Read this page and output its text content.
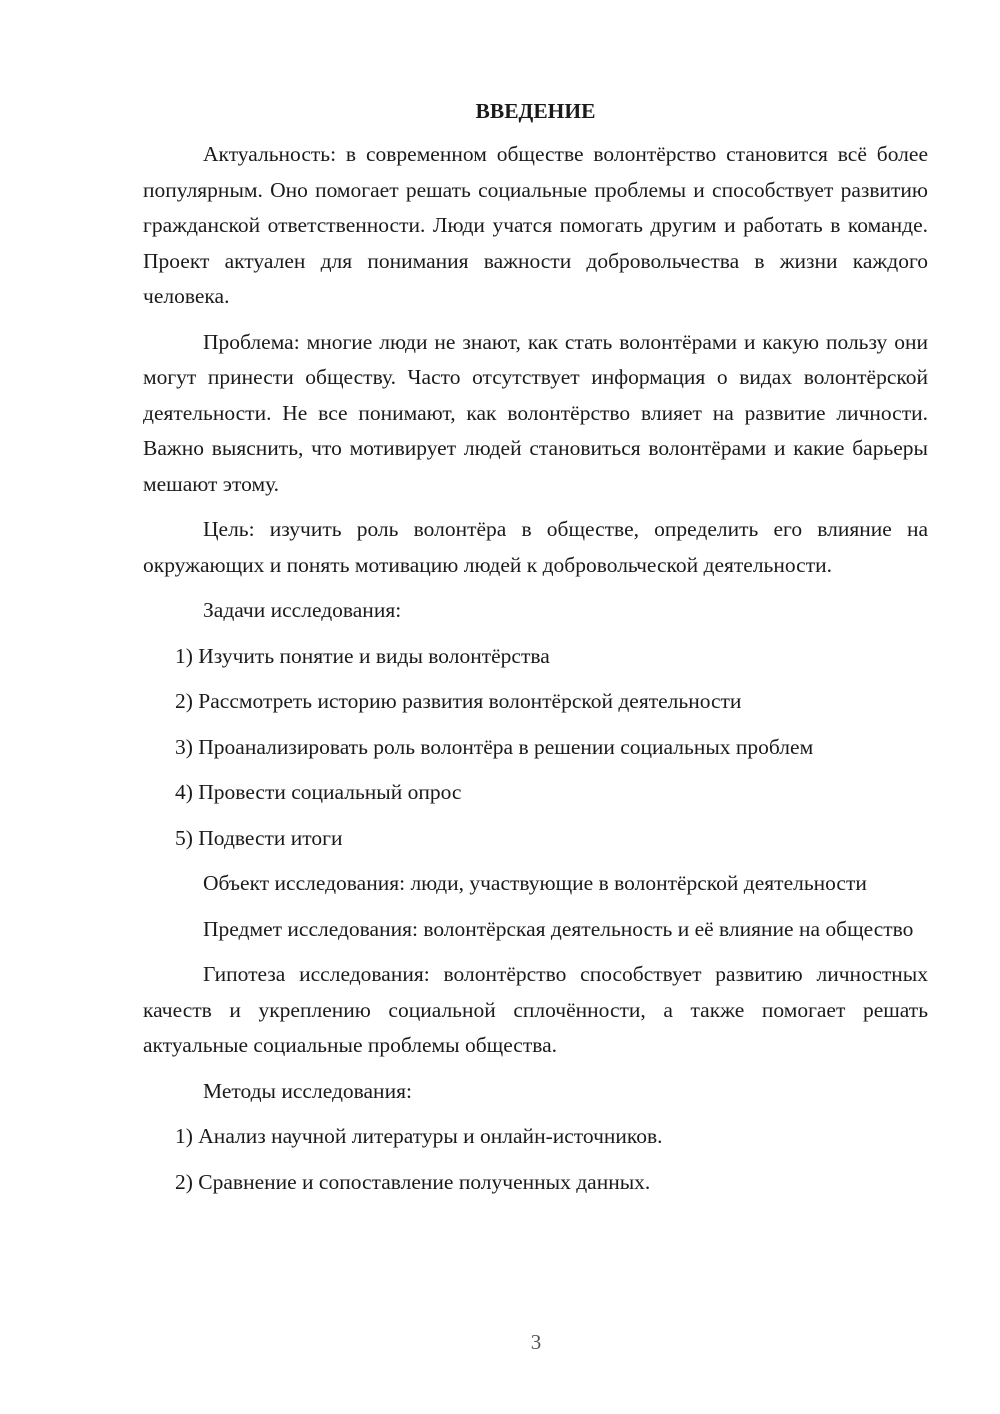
ВВЕДЕНИЕ

Актуальность: в современном обществе волонтёрство становится всё более популярным. Оно помогает решать социальные проблемы и способствует развитию гражданской ответственности. Люди учатся помогать другим и работать в команде. Проект актуален для понимания важности добровольчества в жизни каждого человека.

Проблема: многие люди не знают, как стать волонтёрами и какую пользу они могут принести обществу. Часто отсутствует информация о видах волонтёрской деятельности. Не все понимают, как волонтёрство влияет на развитие личности. Важно выяснить, что мотивирует людей становиться волонтёрами и какие барьеры мешают этому.

Цель: изучить роль волонтёра в обществе, определить его влияние на окружающих и понять мотивацию людей к добровольческой деятельности.

Задачи исследования:

1) Изучить понятие и виды волонтёрства
2) Рассмотреть историю развития волонтёрской деятельности
3) Проанализировать роль волонтёра в решении социальных проблем
4) Провести социальный опрос
5) Подвести итоги

Объект исследования: люди, участвующие в волонтёрской деятельности

Предмет исследования: волонтёрская деятельность и её влияние на общество

Гипотеза исследования: волонтёрство способствует развитию личностных качеств и укреплению социальной сплочённости, а также помогает решать актуальные социальные проблемы общества.

Методы исследования:

1) Анализ научной литературы и онлайн-источников.
2) Сравнение и сопоставление полученных данных.
3
